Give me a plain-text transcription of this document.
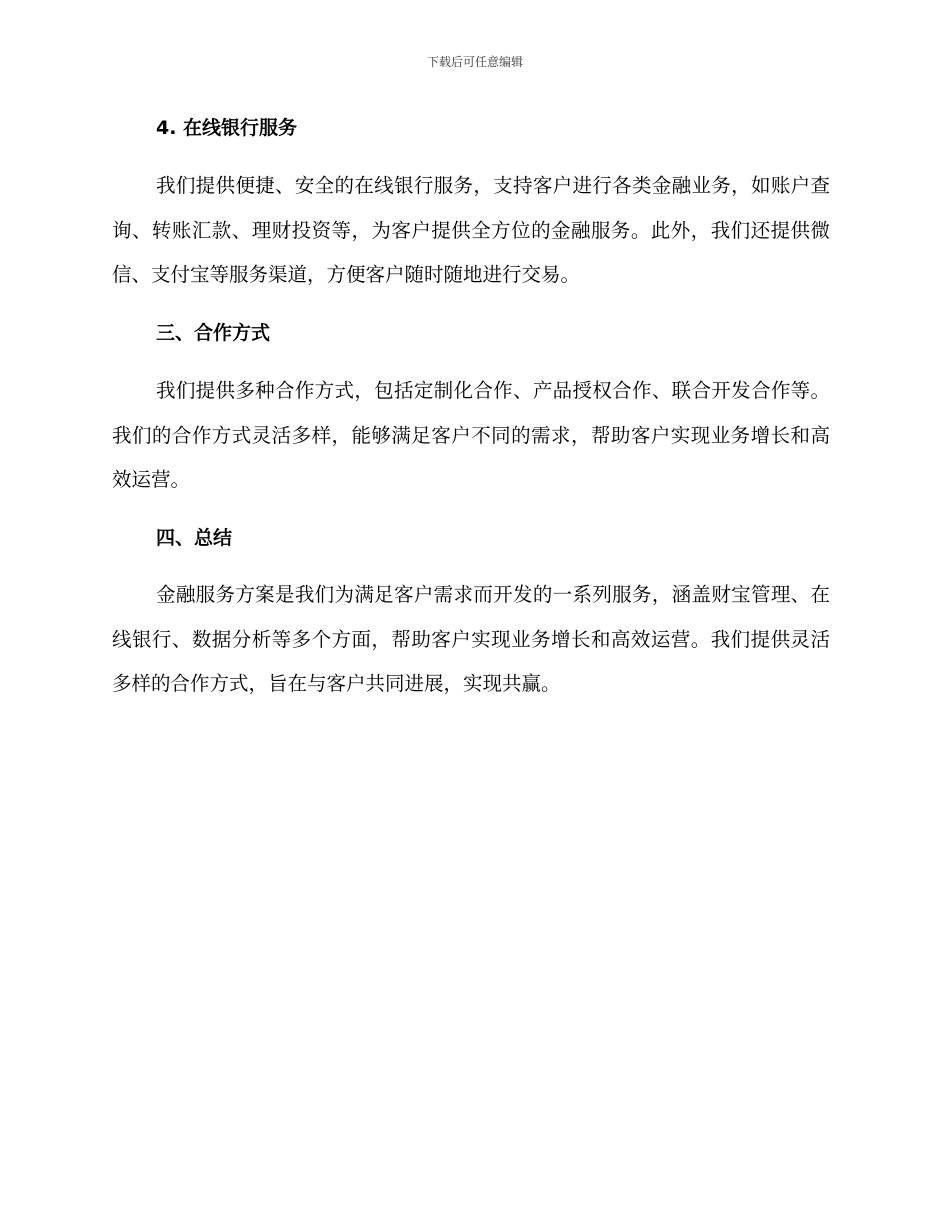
下载后可任意编辑
4. 在线银行服务

我们提供便捷、安全的在线银行服务，支持客户进行各类金融业务，如账户查询、转账汇款、理财投资等，为客户提供全方位的金融服务。此外，我们还提供微信、支付宝等服务渠道，方便客户随时随地进行交易。

三、合作方式

我们提供多种合作方式，包括定制化合作、产品授权合作、联合开发合作等。我们的合作方式灵活多样，能够满足客户不同的需求，帮助客户实现业务增长和高效运营。

四、总结

金融服务方案是我们为满足客户需求而开发的一系列服务，涵盖财宝管理、在线银行、数据分析等多个方面，帮助客户实现业务增长和高效运营。我们提供灵活多样的合作方式，旨在与客户共同进展，实现共赢。
